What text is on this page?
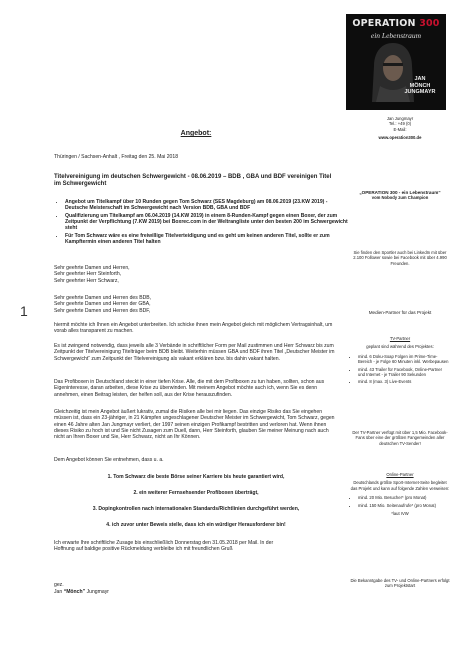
OPERATION 300
ein Lebenstraum
JAN
MÖNCH
JUNGMAYR
1
Angebot:
Thüringen / Sachsen-Anhalt , Freitag den 25. Mai 2018
Titelvereinigung im deutschen Schwergewicht - 08.06.2019 – BDB , GBA und BDF vereinigen Titel im Schwergewicht
• Angebot um Titelkampf über 10 Runden gegen Tom Schwarz (SES Magdeburg) am 08.06.2019 (23.KW 2019) - Deutsche Meisterschaft im Schwergewicht nach Version BDB, GBA und BDF
• Qualifizierung um Titelkampf am 06.04.2019 (14.KW 2019) in einem 8-Runden-Kampf gegen einen Boxer, der zum Zeitpunkt der Verpflichtung (7.KW 2019) bei Boxrec.com in der Weltrangliste unter den besten 200 im Schwergewicht steht
• Für Tom Schwarz wäre es eine freiwillige Titelverteidigung und es geht um keinen anderen Titel, sollte er zum Kampftermin einen anderen Titel halten

Sehr geehrte Damen und Herren,

Sehr geehrter Herr Steinforth,

Sehr geehrter Herr Schwarz,

Sehr geehrte Damen und Herren des BDB,

Sehr geehrte Damen und Herren der GBA,

Sehr geehrte Damen und Herren des BDF,

hiermit möchte ich Ihnen ein Angebot unterbreiten. Ich schicke ihnen mein Angebot gleich mit möglichem Vertragsinhalt, um vorab alles transparent zu machen.
Es ist zwingend notwendig, dass jeweils alle 3 Verbände in schriftlicher Form per Mail zustimmen und Herr Schwarz bis zum Zeitpunkt der Titelvereinigung Titelträger beim BDB bleibt. Weiterhin müssen GBA und BDF ihren Titel „Deutscher Meister im Schwergewicht“ zum Zeitpunkt der Titelvereinigung als vakant erklären bzw. bis dahin vakant halten.
Das Profiboxen in Deutschland steckt in einer tiefen Krise. Alle, die mit dem Profiboxen zu tun haben, sollten, schon aus Eigeninteresse, daran arbeiten, diese Krise zu überwinden. Mit meinem Angebot möchte auch ich, wenn Sie es denn annehmen, einen Beitrag leisten, der helfen soll, aus der Krise herauszufinden.
Gleichzeitig ist mein Angebot äußert lukrativ, zumal die Risiken alle bei mir liegen. Das einzige Risiko das Sie eingehen müssen ist, dass ein 23-jähriger, in 21 Kämpfen ungeschlagener Deutscher Meister im Schwergewicht, Tom Schwarz, gegen einen 46 Jahre alten Jan Jungmayr verliert, der 1997 seinen einzigen Profikampf bestritten und verloren hat. Wenn ihnen dieses Risiko zu hoch ist und Sie nicht Zusagen zum Duell, dann, Herr Steinforth, glauben Sie meiner Meinung nach auch nicht an Ihren Boxer und Sie, Herr Schwarz, nicht an Ihr Können.
Dem Angebot können Sie entnehmen, dass u. a.
1. Tom Schwarz die beste Börse seiner Karriere bis heute garantiert wird,
2. ein weiterer Fernsehsender Profiboxen überträgt,
3. Dopingkontrollen nach internationalen Standards/Richtlinien durchgeführt werden,
4. ich zuvor unter Beweis stelle, dass ich ein würdiger Herausforderer bin!
Ich erwarte Ihre schriftliche Zusage bis einschließlich Donnerstag den 31.05.2018 per Mail. In der Hoffnung auf baldige positive Rückmeldung verbleibe ich mit freundlichen Gruß
gez.
Jan “Mönch” Jungmayr
Jan Jungmayr
Tel.: +49 (0)
E-Mail:
www.operation300.de
„OPERATION 300 - ein Lebenstraum“
vom Nobody zum Champion
Sie finden den Sportler auch bei LinkedIn mit über 2.100 Follower sowie bei Facebook mit über 4.990 Freunden.
Medien-Partner für das Projekt
TV-Partner
geplant sind während des Projektes:
• mind. 6 Doku-Soap Folgen im Prime-Time-Bereich - je Folge 60 Minuten inkl. Werbepausen
• mind. 43 Trailer für Facebook, Online-Partner und Internet - je Trailer 90 Sekunden
• mind. 8 (max. 3) Live-Events
Der TV-Partner verfügt mit über 1,5 Mio. Facebook-Fans über eine der größten Fangemeinden aller deutschen TV-Sender!
Online-Partner
Deutschlands größte Sport-Internet-Seite begleitet das Projekt und kann auf folgende Zahlen verweisen:
• mind. 20 Mio. Besucher* (pro Monat)
• mind. 150 Mio. Seitenaufrufe* (pro Monat)
*laut IVW
Die Bekanntgabe des TV- und Online-Partners erfolgt zum Projektstart
